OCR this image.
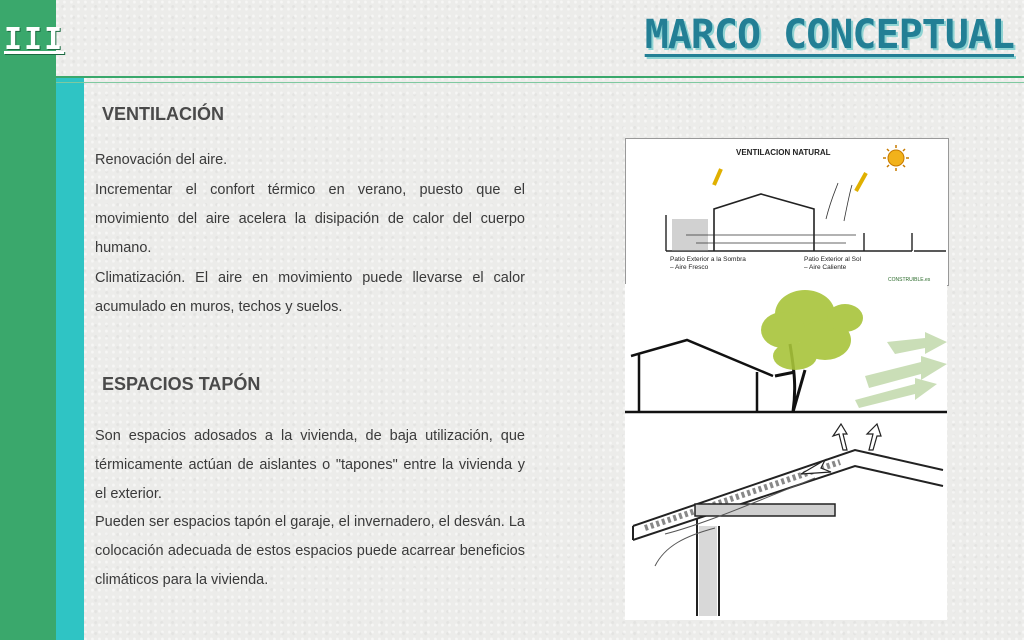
III	MARCO CONCEPTUAL
VENTILACIÓN
Renovación del aire.
Incrementar el confort térmico en verano, puesto que el movimiento del aire acelera la disipación de calor del cuerpo humano.
Climatización. El aire en movimiento puede llevarse el calor acumulado en muros, techos y suelos.
ESPACIOS TAPÓN
Son espacios adosados a la vivienda, de baja utilización, que térmicamente actúan de aislantes o "tapones" entre la vivienda y el exterior.
Pueden ser espacios tapón el garaje, el invernadero, el desván. La colocación adecuada de estos espacios puede acarrear beneficios climáticos para la vivienda.
VENTILACION NATURAL
Patio Exterior a la Sombra
– Aire Fresco
Patio Exterior al Sol
– Aire Caliente
CONSTRUIBLE.es
